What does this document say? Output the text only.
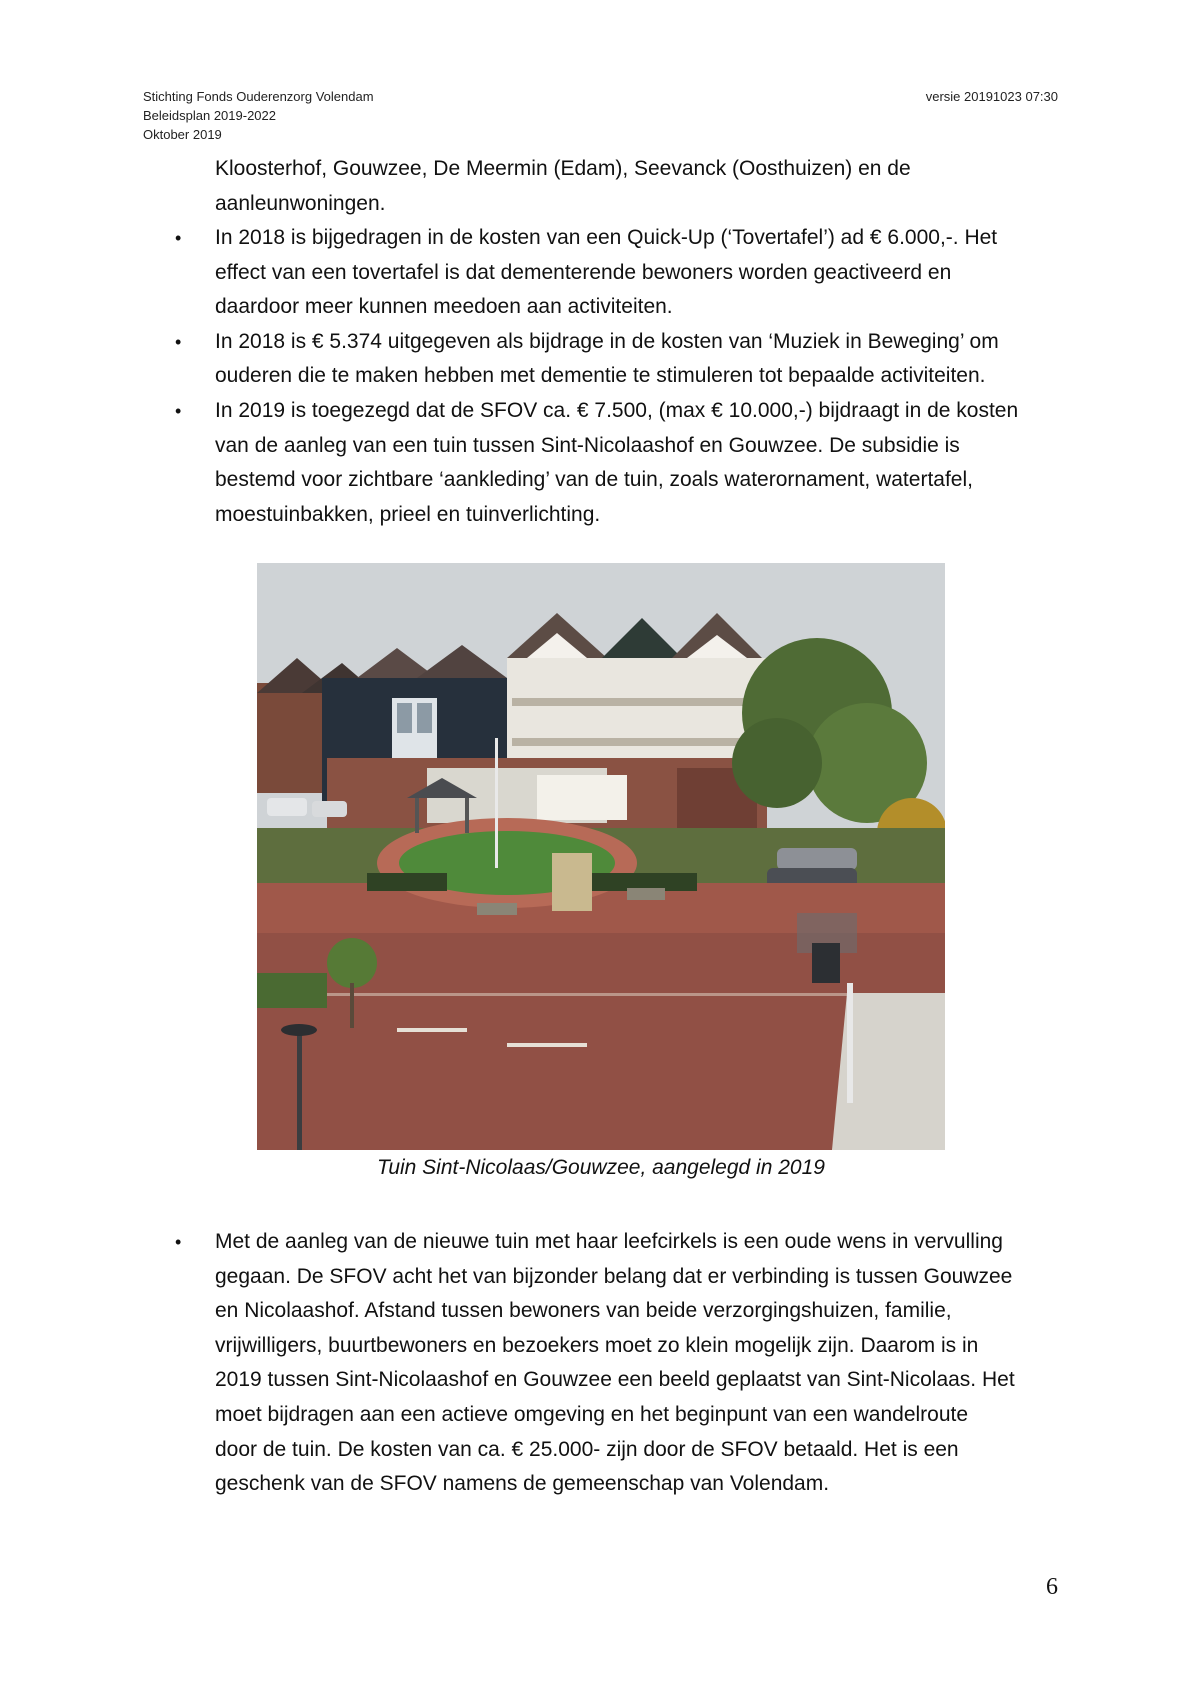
Stichting Fonds Ouderenzorg Volendam
Beleidsplan 2019-2022
Oktober 2019
versie 20191023 07:30
Kloosterhof, Gouwzee, De Meermin (Edam), Seevanck (Oosthuizen) en de
aanleunwoningen.
• In 2018 is bijgedragen in de kosten van een Quick-Up (‘Tovertafel’) ad € 6.000,-. Het
effect van een tovertafel is dat dementerende bewoners worden geactiveerd en
daardoor meer kunnen meedoen aan activiteiten.
• In 2018 is € 5.374 uitgegeven als bijdrage in de kosten van ‘Muziek in Beweging’ om
ouderen die te maken hebben met dementie te stimuleren tot bepaalde activiteiten.
• In 2019 is toegezegd dat de SFOV ca. € 7.500, (max € 10.000,-) bijdraagt in de kosten
van de aanleg van een tuin tussen Sint-Nicolaashof en Gouwzee. De subsidie is
bestemd voor zichtbare ‘aankleding’ van de tuin, zoals waterornament, watertafel,
moestuinbakken, prieel en tuinverlichting.
Tuin Sint-Nicolaas/Gouwzee, aangelegd in 2019
• Met de aanleg van de nieuwe tuin met haar leefcirkels is een oude wens in vervulling
gegaan. De SFOV acht het van bijzonder belang dat er verbinding is tussen Gouwzee
en Nicolaashof. Afstand tussen bewoners van beide verzorgingshuizen, familie,
vrijwilligers, buurtbewoners en bezoekers moet zo klein mogelijk zijn. Daarom is in
2019 tussen Sint-Nicolaashof en Gouwzee een beeld geplaatst van Sint-Nicolaas. Het
moet bijdragen aan een actieve omgeving en het beginpunt van een wandelroute
door de tuin. De kosten van ca. € 25.000- zijn door de SFOV betaald. Het is een
geschenk van de SFOV namens de gemeenschap van Volendam.
6
